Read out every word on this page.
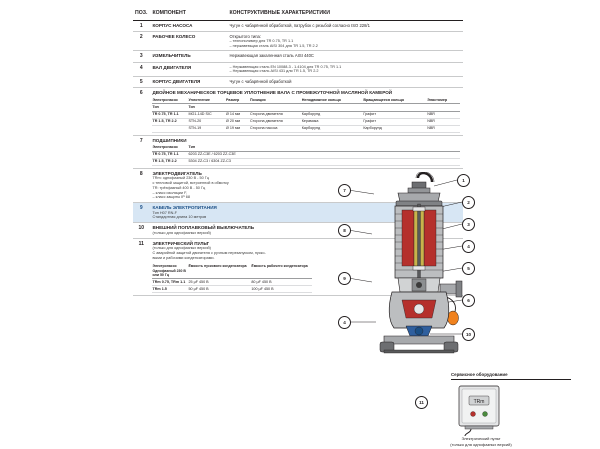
ПОЗ.	КОМПОНЕНТ	КОНСТРУКТИВНЫЕ ХАРАКТЕРИСТИКИ
1	КОРПУС НАСОСА	Чугун с чабарённой обработкой, патрубок с резьбой согласно ISO 228/1
2	РАБОЧЕЕ КОЛЕСО	Открытого типа:
– технополимер для TR 0.75, TR 1.1
– нержавеющая сталь AISI 304 для TR 1.5, TR 2.2

3	ИЗМЕЛЬЧИТЕЛЬ	Нержавеющая закаленная сталь AISI 440C
4	ВАЛ ДВИГАТЕЛЯ	– Нержавеющая сталь EN 10088-3 - 1.4104 для TR 0.75, TR 1.1
– Нержавеющая сталь AISI 431 для TR 1.5, TR 2.2

5	КОРПУС ДВИГАТЕЛЯ	Чугун с чабарённой обработкой
6	ДВОЙНОЕ МЕХАНИЧЕСКОЕ ТОРЦЕВОЕ УПЛОТНЕНИЕ ВАЛА С ПРОМЕЖУТОЧНОЙ МАСЛЯНОЙ КАМЕРОЙ
Электронасос	Уплотнение	Размер	Позиция	Неподвижное кольцо	Вращающееся кольцо	Эластомер
Тип	Тип	
TR 0.75, TR 1.1	MG1-14D SIC	Ø 14 мм	Сторона двигателя	Карборунд	Графит	NBR
TR 1.5, TR 2.2	STN-20	Ø 20 мм	Сторона двигателя	Керамика	Графит	NBR
	STN-19	Ø 19 мм	Сторона насоса	Карборунд	Карборунд	NBR

7	ПОДШИПНИКИ
Электронасос	Тип
TR 0.75, TR 1.1	6203 ZZ-C3E / 6203 ZZ-C3E
TR 1.5, TR 2.2	5304 ZZ-C3 / 6304 ZZ-C3

8	ЭЛЕКТРОДВИГАТЕЛЬ
TRm: однофазный 230 В - 50 Гц
с тепловой защитой, встроенной в обмотку
TR: трёхфазный 400 В - 50 Гц
– класс изоляции F,
– класс защиты IP 68

9	КАБЕЛЬ ЭЛЕКТРОПИТАНИЯ
Тип H07 RN-F
Стандартная длина 10 метров

10	ВНЕШНИЙ ПОПЛАВКОВЫЙ ВЫКЛЮЧАТЕЛЬ
(только для однофазных версий)

11	ЭЛЕКТРИЧЕСКИЙ ПУЛЬТ
(только для однофазных версий)
С аварийной защитой двигателя с ручным перезапуском, пуско-
выми и рабочими конденсаторами.
Электронасос Однофазный 230 В или 50 Гц	Ёмкость пускового конденсатора	Ёмкость рабочего конденсатора
TRm 0.75, TRm 1.1	25 µF 450 В	80 µF 450 В
TRm 1.5	50 µF 450 В	100 µF 450 В
1
2
3
4
5
6
10
7
8
9
4
Сервисное оборудование
11	TRm
Электрический пульт
(только для однофазных версий)
